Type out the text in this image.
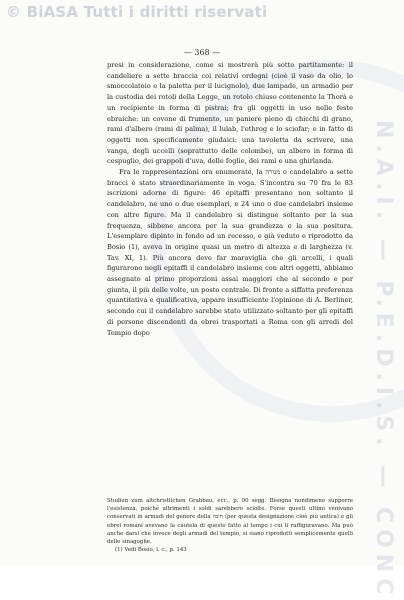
© BiASA Tutti i diritti riservati
N.A.I. — P.E.D.I.S. — CONC
— 368 —

presi in considerazione, come si mostrerà più sotto partitamente: il candeliere a sette braccia coi relativi ordegni (cioè il vaso da olio, lo smoccolatoio e la paletta per il lucignolo), due lampade, un armadio per la custodia dei rotoli della Legge, un rotolo chiuso contenente la Thorà e un recipiente in forma di pistrai; fra gli oggetti in uso nelle feste ebraiche: un covone di frumento, un paniere pieno di chicchi di grano, rami d'albero (rami di palma), il lulab, l'ethrog e lo sciofar; e in fatto di oggetti non specificamente giudaici: una tavoletta da scrivere, una vanga, degli uccelli (soprattutto delle colombe), un albero in forma di cespuglio, dei grappoli d'uva, delle foglie, dei rami e una ghirlanda.

Fra le rappresentazioni ora enumerate, la מנורה o candelabro a sette bracci è stato straordinariamente in voga. S'incontra su 70 fra le 83 iscrizioni adorne di figure: 46 epitaffi presentano non soltanto il candelabro, ne uno o due esemplari, e 24 uno o due candelabri insieme con altre figure. Ma il candelabro si distingue soltanto per la sua frequenza, sibbene ancora per la sua grandezza e la sua positura. L'esemplare dipinto in fondo ad un recesso, e già veduto e riprodotto da Bosio (1), aveva in origine quasi un metro di altezza e di larghezza (v. Tav. XI, 1). Più ancora deve far maraviglia che gli arcelli, i quali figurarono negli epitaffi il candelabro insieme con altri oggetti, abbiamo assegnato al primo proporzioni assai maggiori che al secondo e per giunta, il più delle volte, un posto centrale. Di fronte a siffatta preferenza quantitativa e qualificativa, appare insufficiente l'opinione di A. Berliner, secondo cui il candelabro sarebbe stato utilizzato soltanto per gli epitaffi di persone discendenti da ebrei trasportati a Roma con gli arredi del Tempio dopo

Studien zum altchristlichen Grabbau, ecc., p. 90 segg. Bisogna nondimeno supporre l'esistenza, poiché altrimenti i soldi sarebbero sciolte. Forse questi ultimi venivano conservati in armadi del genere della תיבה (per questa designazione cioè più antica) e gli ebrei romani avevano la cautela di questo fatto al tempo i cui li raffiguravano. Ma può anche darsi che invece degli armadi del tempio, si siano riprodotti semplicemente quelli delle sinagoghe.

(1) Vedi Bosio, l. c., p. 143
